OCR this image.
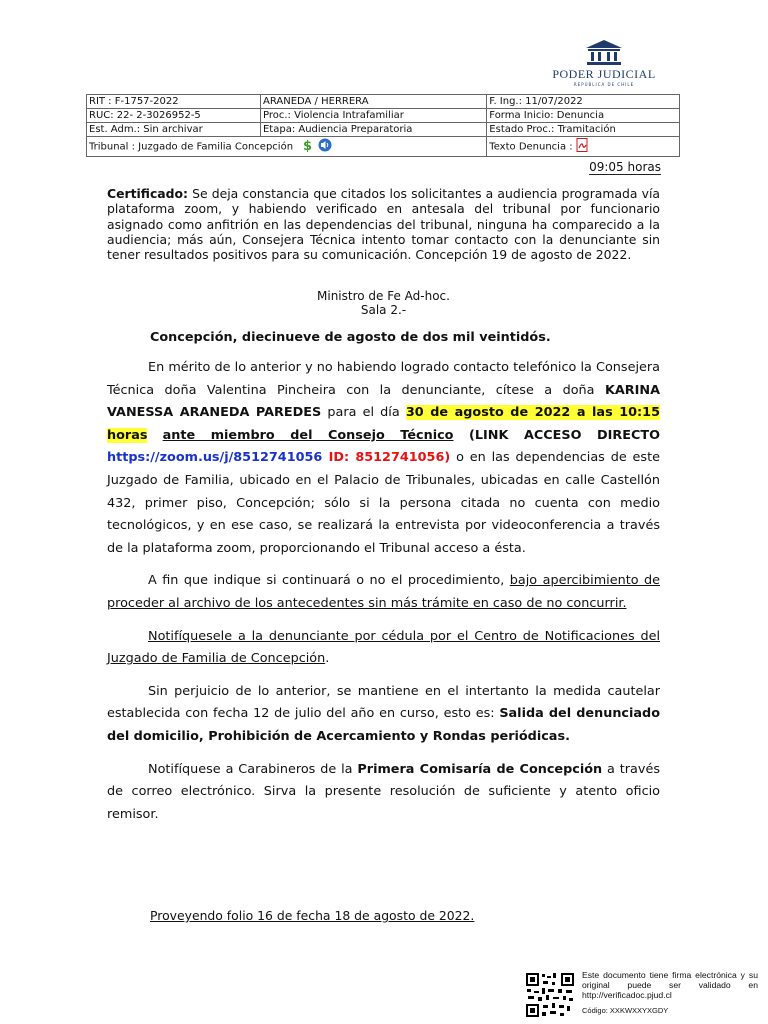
PODER JUDICIAL
REPÚBLICA DE CHILE
RIT : F-1757-2022	ARANEDA / HERRERA	F. Ing.: 11/07/2022
RUC: 22- 2-3026952-5	Proc.: Violencia Intrafamiliar	Forma Inicio: Denuncia
Est. Adm.: Sin archivar	Etapa: Audiencia Preparatoria	Estado Proc.: Tramitación
Tribunal : Juzgado de Familia Concepción $		Texto Denuncia :
09:05 horas
Certificado: Se deja constancia que citados los solicitantes a audiencia programada vía plataforma zoom, y habiendo verificado en antesala del tribunal por funcionario asignado como anfitrión en las dependencias del tribunal, ninguna ha comparecido a la audiencia; más aún, Consejera Técnica intento tomar contacto con la denunciante sin tener resultados positivos para su comunicación. Concepción 19 de agosto de 2022.
Ministro de Fe Ad-hoc.
Sala 2.-
Concepción, diecinueve de agosto de dos mil veintidós.

En mérito de lo anterior y no habiendo logrado contacto telefónico la Consejera Técnica doña Valentina Pincheira con la denunciante, cítese a doña KARINA VANESSA ARANEDA PAREDES para el día 30 de agosto de 2022 a las 10:15 horas ante miembro del Consejo Técnico (LINK ACCESO DIRECTO https://zoom.us/j/8512741056 ID: 8512741056) o en las dependencias de este Juzgado de Familia, ubicado en el Palacio de Tribunales, ubicadas en calle Castellón 432, primer piso, Concepción; sólo si la persona citada no cuenta con medio tecnológicos, y en ese caso, se realizará la entrevista por videoconferencia a través de la plataforma zoom, proporcionando el Tribunal acceso a ésta.

A fin que indique si continuará o no el procedimiento, bajo apercibimiento de proceder al archivo de los antecedentes sin más trámite en caso de no concurrir.

Notifíquesele a la denunciante por cédula por el Centro de Notificaciones del Juzgado de Familia de Concepción.

Sin perjuicio de lo anterior, se mantiene en el intertanto la medida cautelar establecida con fecha 12 de julio del año en curso, esto es: Salida del denunciado del domicilio, Prohibición de Acercamiento y Rondas periódicas.

Notifíquese a Carabineros de la Primera Comisaría de Concepción a través de correo electrónico. Sirva la presente resolución de suficiente y atento oficio remisor.

Proveyendo folio 16 de fecha 18 de agosto de 2022.
Este documento tiene firma electrónica y su original puede ser validado en http://verificadoc.pjud.cl
Código: XXKWXXYXGDY
